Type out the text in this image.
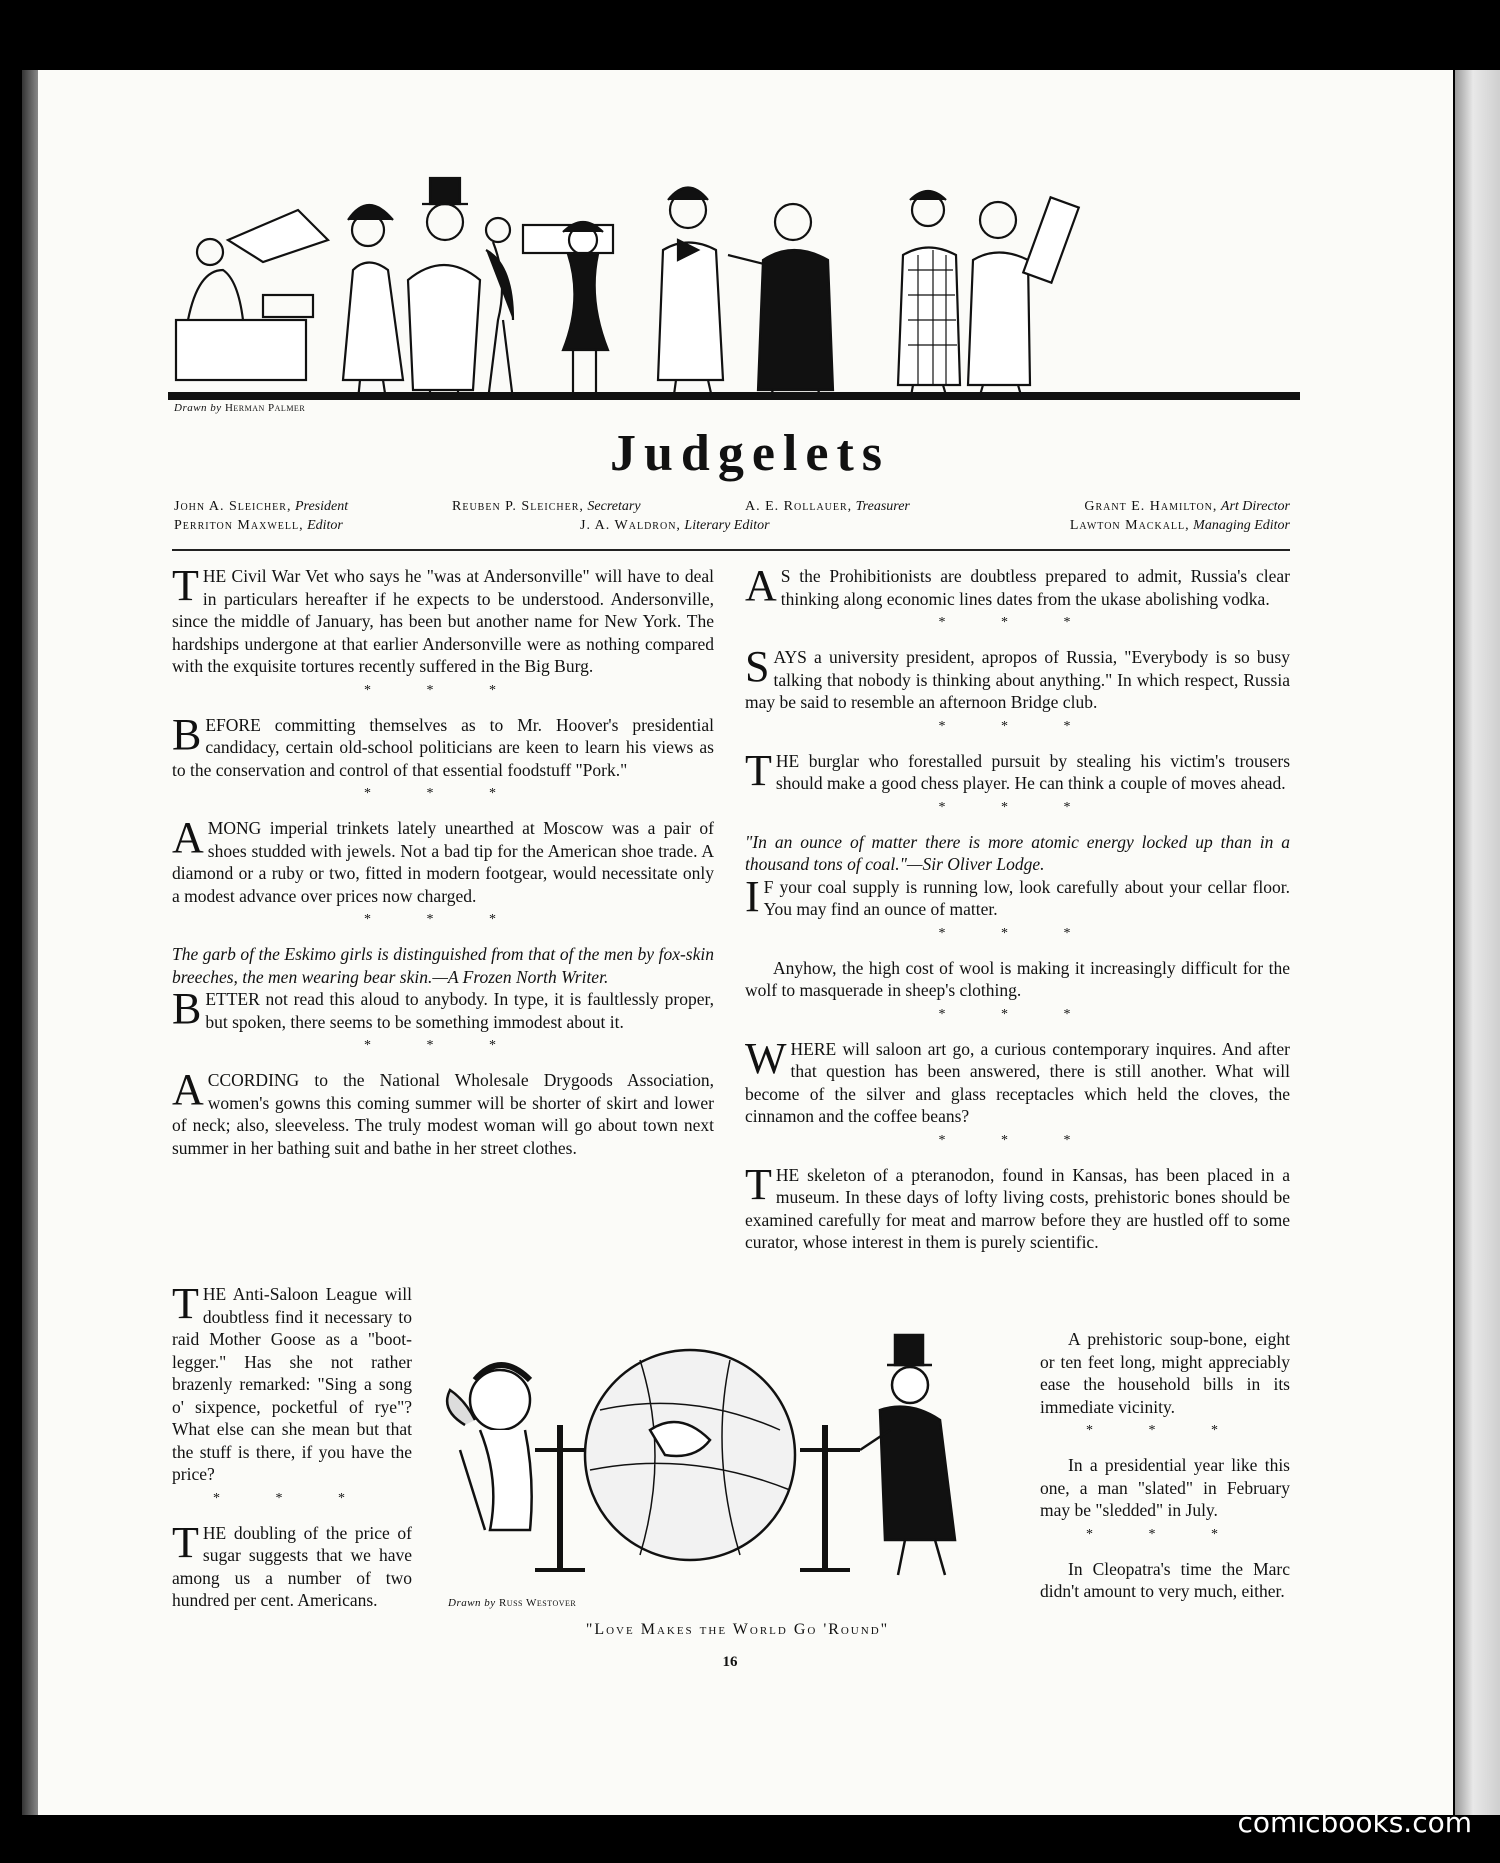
Drawn by Herman Palmer
Judgelets
John A. Sleicher, President
Perriton Maxwell, Editor
Reuben P. Sleicher, Secretary
J. A. Waldron, Literary Editor
A. E. Rollauer, Treasurer	Grant E. Hamilton, Art Director
Lawton Mackall, Managing Editor
THE Civil War Vet who says he "was at Andersonville" will have to deal in particulars hereafter if he expects to be understood. Andersonville, since the middle of January, has been but another name for New York. The hardships undergone at that earlier Andersonville were as nothing compared with the exquisite tortures recently suffered in the Big Burg.
* * *
BEFORE committing themselves as to Mr. Hoover's presidential candidacy, certain old-school politicians are keen to learn his views as to the conservation and control of that essential foodstuff "Pork."
* * *
AMONG imperial trinkets lately unearthed at Moscow was a pair of shoes studded with jewels. Not a bad tip for the American shoe trade. A diamond or a ruby or two, fitted in modern footgear, would necessitate only a modest advance over prices now charged.
* * *
The garb of the Eskimo girls is distinguished from that of the men by fox-skin breeches, the men wearing bear skin.—A Frozen North Writer.
BETTER not read this aloud to anybody. In type, it is faultlessly proper, but spoken, there seems to be something immodest about it.
* * *
ACCORDING to the National Wholesale Drygoods Association, women's gowns this coming summer will be shorter of skirt and lower of neck; also, sleeveless. The truly modest woman will go about town next summer in her bathing suit and bathe in her street clothes.
THE Anti-Saloon League will doubtless find it necessary to raid Mother Goose as a "boot-legger." Has she not rather brazenly remarked: "Sing a song o' sixpence, pocketful of rye"? What else can she mean but that the stuff is there, if you have the price?
* * *
THE doubling of the price of sugar suggests that we have among us a number of two hundred per cent. Americans.
A S the Prohibitionists are doubtless prepared to admit, Russia's clear thinking along economic lines dates from the ukase abolishing vodka.
* * *
SAYS a university president, apropos of Russia, "Everybody is so busy talking that nobody is thinking about anything." In which respect, Russia may be said to resemble an afternoon Bridge club.
* * *
THE burglar who forestalled pursuit by stealing his victim's trousers should make a good chess player. He can think a couple of moves ahead.
* * *
"In an ounce of matter there is more atomic energy locked up than in a thousand tons of coal."—Sir Oliver Lodge.
I F your coal supply is running low, look carefully about your cellar floor. You may find an ounce of matter.
* * *
Anyhow, the high cost of wool is making it increasingly difficult for the wolf to masquerade in sheep's clothing.
* * *
WHERE will saloon art go, a curious contemporary inquires. And after that question has been answered, there is still another. What will become of the silver and glass receptacles which held the cloves, the cinnamon and the coffee beans?
* * *
THE skeleton of a pteranodon, found in Kansas, has been placed in a museum. In these days of lofty living costs, prehistoric bones should be examined carefully for meat and marrow before they are hustled off to some curator, whose interest in them is purely scientific.
A prehistoric soup-bone, eight or ten feet long, might appreciably ease the household bills in its immediate vicinity.
* * *
In a presidential year like this one, a man "slated" in February may be "sledded" in July.
* * *
In Cleopatra's time the Marc didn't amount to very much, either.
Drawn by Russ Westover
"Love Makes the World Go 'Round"
16
comicbooks.com
